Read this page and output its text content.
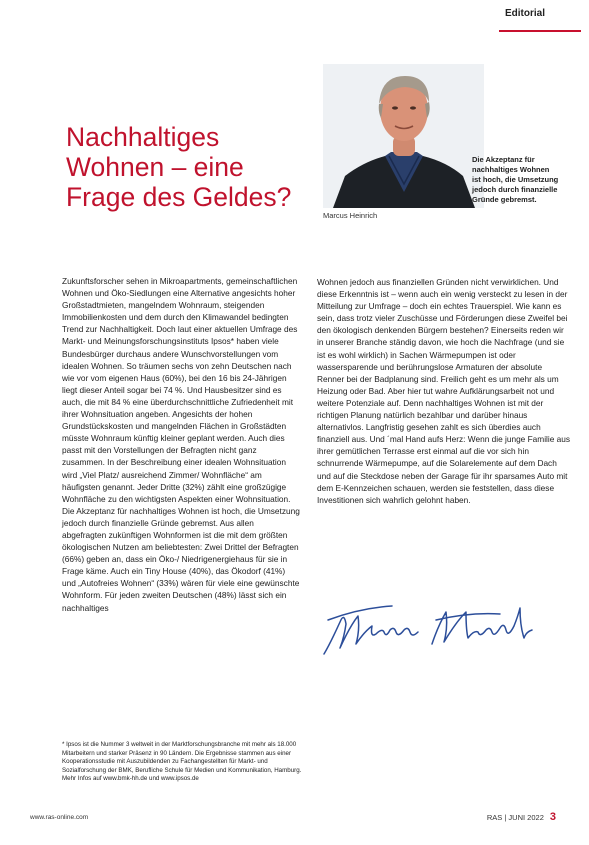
Editorial
Nachhaltiges Wohnen – eine Frage des Geldes?
Marcus Heinrich
Die Akzeptanz für nachhaltiges Wohnen ist hoch, die Umsetzung jedoch durch finanzielle Gründe gebremst.

Zukunftsforscher sehen in Mikroapartments, gemeinschaftlichen Wohnen und Öko-Siedlungen eine Alternative angesichts hoher Großstadtmieten, mangelndem Wohnraum, steigenden Immobilienkosten und dem durch den Klimawandel bedingten Trend zur Nachhaltigkeit. Doch laut einer aktuellen Umfrage des Markt- und Meinungsforschungsinstituts Ipsos* haben viele Bundesbürger durchaus andere Wunschvorstellungen vom idealen Wohnen. So träumen sechs von zehn Deutschen nach wie vor vom eigenen Haus (60%), bei den 16 bis 24-Jährigen liegt dieser Anteil sogar bei 74 %. Und Hausbesitzer sind es auch, die mit 84 % eine überdurchschnittliche Zufriedenheit mit ihrer Wohnsituation angeben. Angesichts der hohen Grundstückskosten und mangelnden Flächen in Großstädten müsste Wohnraum künftig kleiner geplant werden. Auch dies passt mit den Vorstellungen der Befragten nicht ganz zusammen. In der Beschreibung einer idealen Wohnsituation wird „Viel Platz/ ausreichend Zimmer/ Wohnfläche“ am häufigsten genannt. Jeder Dritte (32%) zählt eine großzügige Wohnfläche zu den wichtigsten Aspekten einer Wohnsituation.

Die Akzeptanz für nachhaltiges Wohnen ist hoch, die Umsetzung jedoch durch finanzielle Gründe gebremst. Aus allen abgefragten zukünftigen Wohnformen ist die mit dem größten ökologischen Nutzen am beliebtesten: Zwei Drittel der Befragten (66%) geben an, dass ein Öko-/ Niedrigenergiehaus für sie in Frage käme. Auch ein Tiny House (40%), das Ökodorf (41%) und „Autofreies Wohnen“ (33%) wären für viele eine gewünschte Wohnform. Für jeden zweiten Deutschen (48%) lässt sich ein nachhaltiges

Wohnen jedoch aus finanziellen Gründen nicht verwirklichen. Und diese Erkenntnis ist – wenn auch ein wenig versteckt zu lesen in der Mitteilung zur Umfrage – doch ein echtes Trauerspiel. Wie kann es sein, dass trotz vieler Zuschüsse und Förderungen diese Zweifel bei den ökologisch denkenden Bürgern bestehen? Einerseits reden wir in unserer Branche ständig davon, wie hoch die Nachfrage (und sie ist es wohl wirklich) in Sachen Wärmepumpen ist oder wassersparende und berührungslose Armaturen der absolute Renner bei der Badplanung sind. Freilich geht es um mehr als um Heizung oder Bad. Aber hier tut wahre Aufklärungsarbeit not und weitere Potenziale auf. Denn nachhaltiges Wohnen ist mit der richtigen Planung natürlich bezahlbar und darüber hinaus alternativlos. Langfristig gesehen zahlt es sich überdies auch finanziell aus. Und ´mal Hand aufs Herz: Wenn die junge Familie aus ihrer gemütlichen Terrasse erst einmal auf die vor sich hin schnurrende Wärmepumpe, auf die Solarelemente auf dem Dach und auf die Steckdose neben der Garage für ihr sparsames Auto mit dem E-Kennzeichen schauen, werden sie feststellen, dass diese Investitionen sich wahrlich gelohnt haben.

* Ipsos ist die Nummer 3 weltweit in der Marktforschungsbranche mit mehr als 18.000 Mitarbeitern und starker Präsenz in 90 Ländern. Die Ergebnisse stammen aus einer Kooperationsstudie mit Auszubildenden zu Fachangestellten für Markt- und Sozialforschung der BMK, Berufliche Schule für Medien und Kommunikation, Hamburg. Mehr Infos auf www.bmk-hh.de und www.ipsos.de
www.ras-online.com	RAS | JUNI 2022 3
